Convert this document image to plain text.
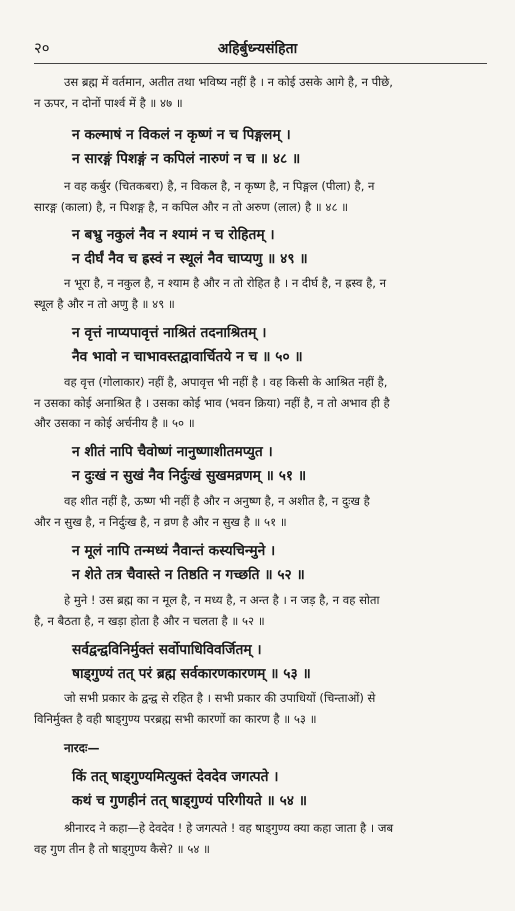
२०	अहिर्बुध्न्यसंहिता
उस ब्रह्म में वर्तमान, अतीत तथा भविष्य नहीं है । न कोई उसके आगे है, न पीछे,
न ऊपर, न दोनों पार्श्व में है ॥ ४७ ॥
न कल्माषं न विकलं न कृष्णं न च पिङ्गलम् ।
न सारङ्गं पिशङ्गं न कपिलं नारुणं न च ॥ ४८ ॥
न वह कर्बुर (चितकबरा) है, न विकल है, न कृष्ण है, न पिङ्गल (पीला) है, न
सारङ्ग (काला) है, न पिशङ्ग है, न कपिल और न तो अरुण (लाल) है ॥ ४८ ॥
न बभ्रु नकुलं नैव न श्यामं न च रोहितम् ।
न दीर्घं नैव च ह्रस्वं न स्थूलं नैव चाप्यणु ॥ ४९ ॥
न भूरा है, न नकुल है, न श्याम है और न तो रोहित है । न दीर्घ है, न ह्रस्व है, न
स्थूल है और न तो अणु है ॥ ४९ ॥
न वृत्तं नाप्यपावृत्तं नाश्रितं तदनाश्रितम् ।
नैव भावो न चाभावस्तद्वावार्चितये न च ॥ ५० ॥
वह वृत्त (गोलाकार) नहीं है, अपावृत्त भी नहीं है । वह किसी के आश्रित नहीं है,
न उसका कोई अनाश्रित है । उसका कोई भाव (भवन क्रिया) नहीं है, न तो अभाव ही है
और उसका न कोई अर्चनीय है ॥ ५० ॥
न शीतं नापि चैवोष्णं नानुष्णाशीतमप्युत ।
न दुःखं न सुखं नैव निर्दुःखं सुखमव्रणम् ॥ ५१ ॥
वह शीत नहीं है, ऊष्ण भी नहीं है और न अनुष्ण है, न अशीत है, न दुःख है
और न सुख है, न निर्दुःख है, न व्रण है और न सुख है ॥ ५१ ॥
न मूलं नापि तन्मध्यं नैवान्तं कस्यचिन्मुने ।
न शेते तत्र चैवास्ते न तिष्ठति न गच्छति ॥ ५२ ॥
हे मुने ! उस ब्रह्म का न मूल है, न मध्य है, न अन्त है । न जड़ है, न वह सोता
है, न बैठता है, न खड़ा होता है और न चलता है ॥ ५२ ॥
सर्वद्वन्द्वविनिर्मुक्तं सर्वोपाधिविवर्जितम् ।
षाड्गुण्यं तत् परं ब्रह्म सर्वकारणकारणम् ॥ ५३ ॥
जो सभी प्रकार के द्वन्द्व से रहित है । सभी प्रकार की उपाधियों (चिन्ताओं) से
विनिर्मुक्त है वही षाड्गुण्य परब्रह्म सभी कारणों का कारण है ॥ ५३ ॥
नारदः—
किं तत् षाड्गुण्यमित्युक्तं देवदेव जगत्पते ।
कथं च गुणहीनं तत् षाड्गुण्यं परिगीयते ॥ ५४ ॥
श्रीनारद ने कहा—हे देवदेव ! हे जगत्पते ! वह षाड्गुण्य क्या कहा जाता है । जब
वह गुण तीन है तो षाड्गुण्य कैसे? ॥ ५४ ॥
